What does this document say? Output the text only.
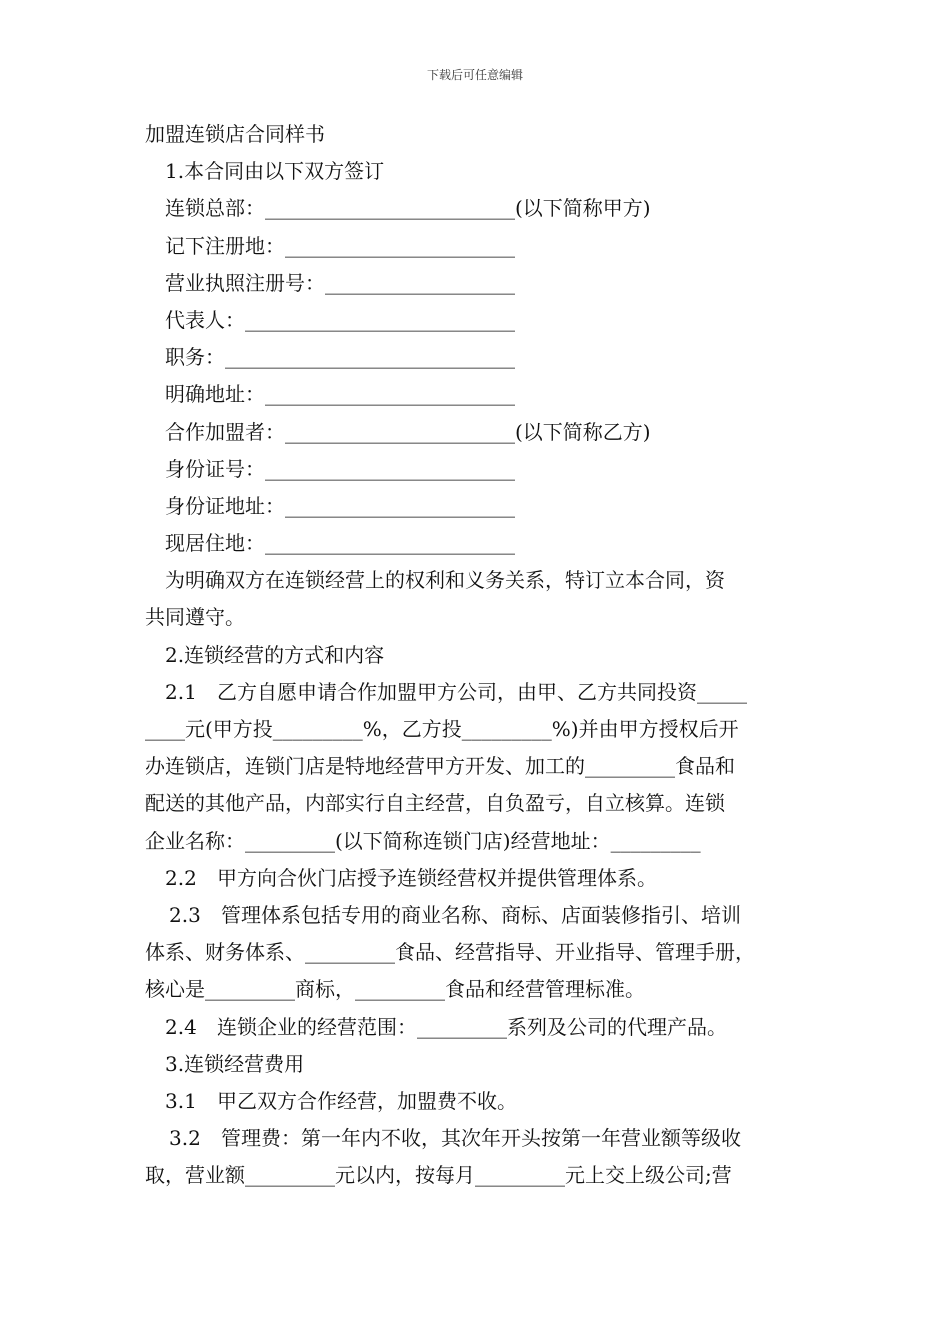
下载后可任意编辑
加盟连锁店合同样书
1.本合同由以下双方签订
连锁总部：_________________________(以下简称甲方)
记下注册地：_______________________
营业执照注册号：___________________
代表人：___________________________
职务：_____________________________
明确地址：_________________________
合作加盟者：_______________________(以下简称乙方)
身份证号：_________________________
身份证地址：_______________________
现居住地：_________________________
为明确双方在连锁经营上的权利和义务关系，特订立本合同，资
共同遵守。
2.连锁经营的方式和内容
2.1 乙方自愿申请合作加盟甲方公司，由甲、乙方共同投资_____
____元(甲方投_________%，乙方投_________%)并由甲方授权后开
办连锁店，连锁门店是特地经营甲方开发、加工的_________食品和
配送的其他产品，内部实行自主经营，自负盈亏，自立核算。连锁
企业名称：_________(以下简称连锁门店)经营地址：_________
2.2 甲方向合伙门店授予连锁经营权并提供管理体系。
2.3 管理体系包括专用的商业名称、商标、店面装修指引、培训
体系、财务体系、_________食品、经营指导、开业指导、管理手册，
核心是_________商标，_________食品和经营管理标准。
2.4 连锁企业的经营范围：_________系列及公司的代理产品。
3.连锁经营费用
3.1 甲乙双方合作经营，加盟费不收。
3.2 管理费：第一年内不收，其次年开头按第一年营业额等级收
取，营业额_________元以内，按每月_________元上交上级公司;营
